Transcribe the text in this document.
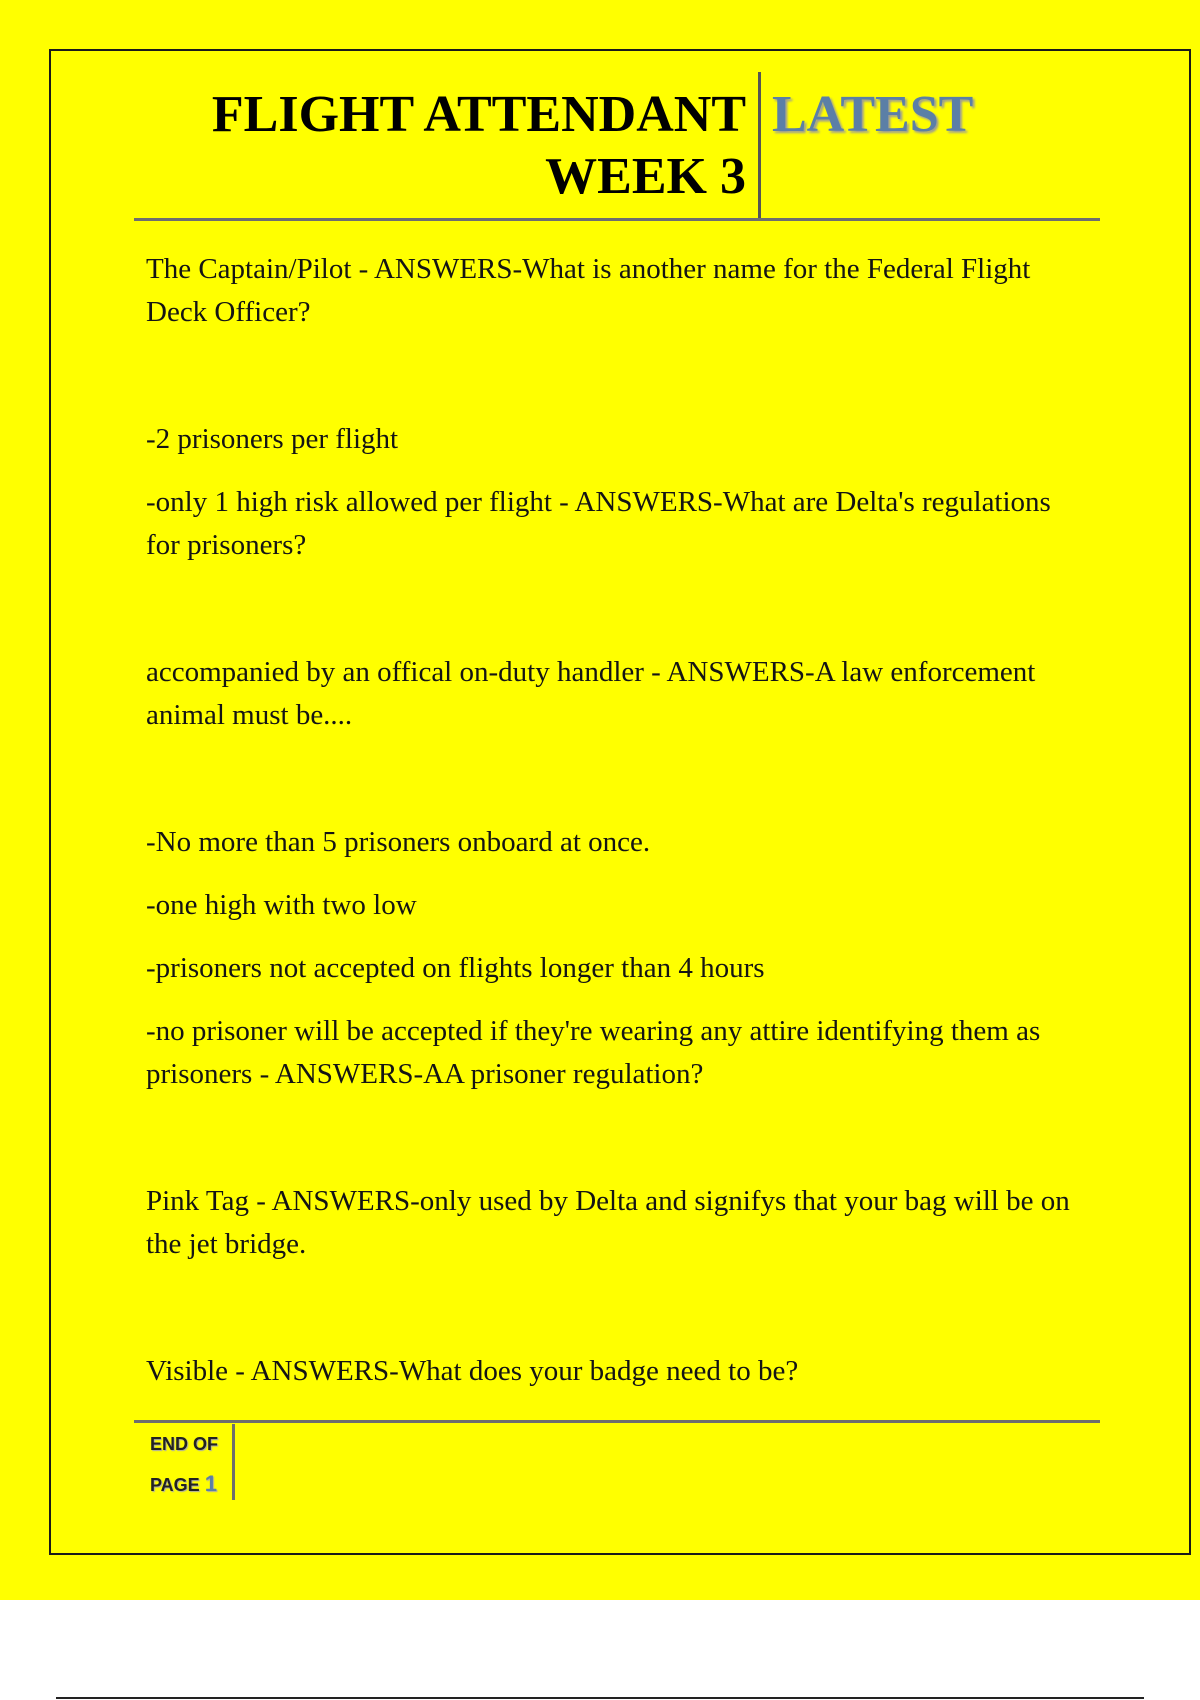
FLIGHT ATTENDANT
WEEK 3
LATEST

The Captain/Pilot - ANSWERS-What is another name for the Federal Flight Deck Officer?

-2 prisoners per flight

-only 1 high risk allowed per flight - ANSWERS-What are Delta's regulations for prisoners?

accompanied by an offical on-duty handler - ANSWERS-A law enforcement animal must be....

-No more than 5 prisoners onboard at once.

-one high with two low

-prisoners not accepted on flights longer than 4 hours

-no prisoner will be accepted if they're wearing any attire identifying them as prisoners - ANSWERS-AA prisoner regulation?

Pink Tag - ANSWERS-only used by Delta and signifys that your bag will be on the jet bridge.

Visible - ANSWERS-What does your badge need to be?

END OF
PAGE 1
